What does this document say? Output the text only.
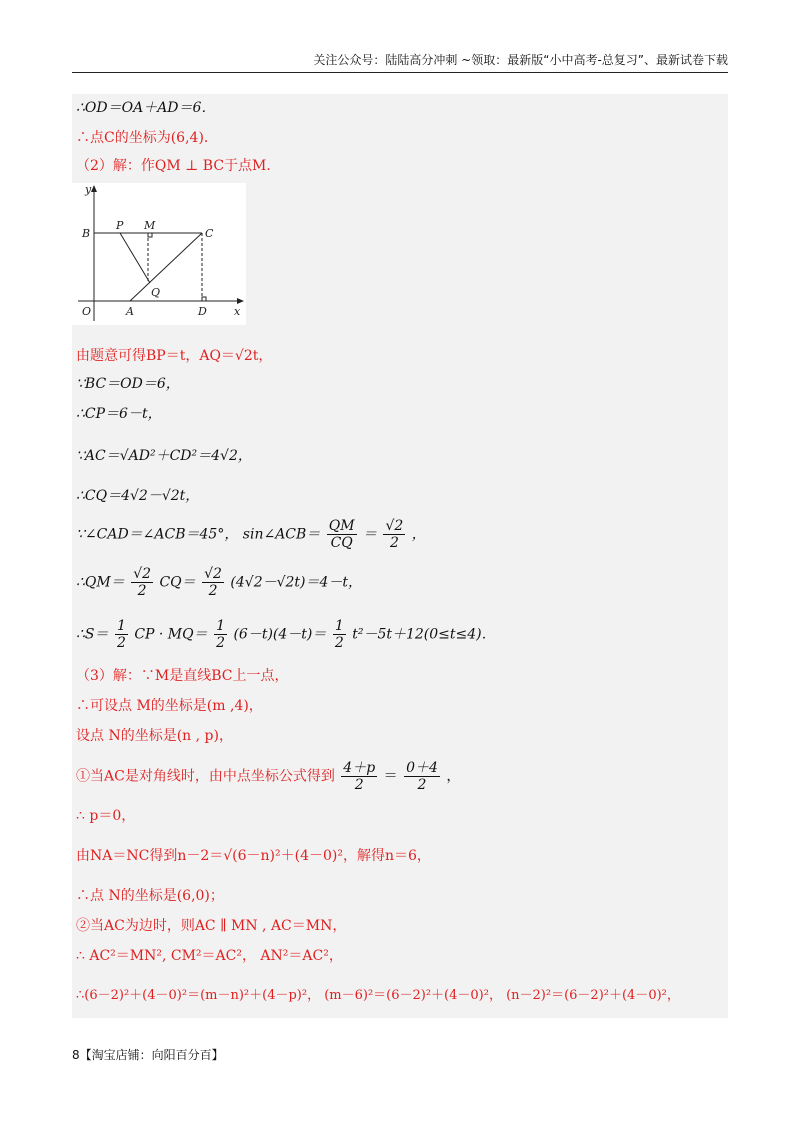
关注公众号：陆陆高分冲刺 ~领取：最新版“小中高考-总复习”、最新试卷下载
∴OD＝OA＋AD＝6．
∴点C的坐标为(6,4)．
（2）解：作QM ⊥ BC于点M．
y
x
O	A	D
B
P M
C
Q
由题意可得BP＝t，AQ＝√2t，
∵BC＝OD＝6，
∴CP＝6－t，
∵AC＝√AD²＋CD²＝4√2，
∴CQ＝4√2－√2t，
∵∠CAD＝∠ACB＝45°， sin∠ACB＝ $\frac{QM}{CQ} = \frac{√2}{2}$ ，
∴QM＝ $\frac{√2}{2} CQ= \frac{√2}{2} (4√2-√2t)=4-t$，
∴S＝ $\frac{1}{2}$ CP · $MQ= \frac{1}{2} (6-t)(4-t)= \frac{1}{2} t^2-5t+12(0\le t\le 4)$．
（3）解：∵M是直线BC上一点，
∴可设点 M的坐标是(m ,4)，
设点 N的坐标是(n , p)，
①当AC是对角线时，由中点坐标公式得到 $\frac{4+p}{2} = \frac{0+4}{2}$ ，
∴ p＝0，
由NA＝NC得到n－2＝√(6－n)²＋(4－0)²，解得n＝6，
∴点 N的坐标是(6,0)；
②当AC为边时，则AC ∥ MN , AC＝MN，
∴ AC²＝MN², CM²＝AC²， AN²＝AC²，
∴(6－2)²＋(4－0)²＝(m－n)²＋(4－p)²， (m－6)²＝(6－2)²＋(4－0)²， (n－2)²＝(6－2)²＋(4－0)²，
8【淘宝店铺：向阳百分百】
